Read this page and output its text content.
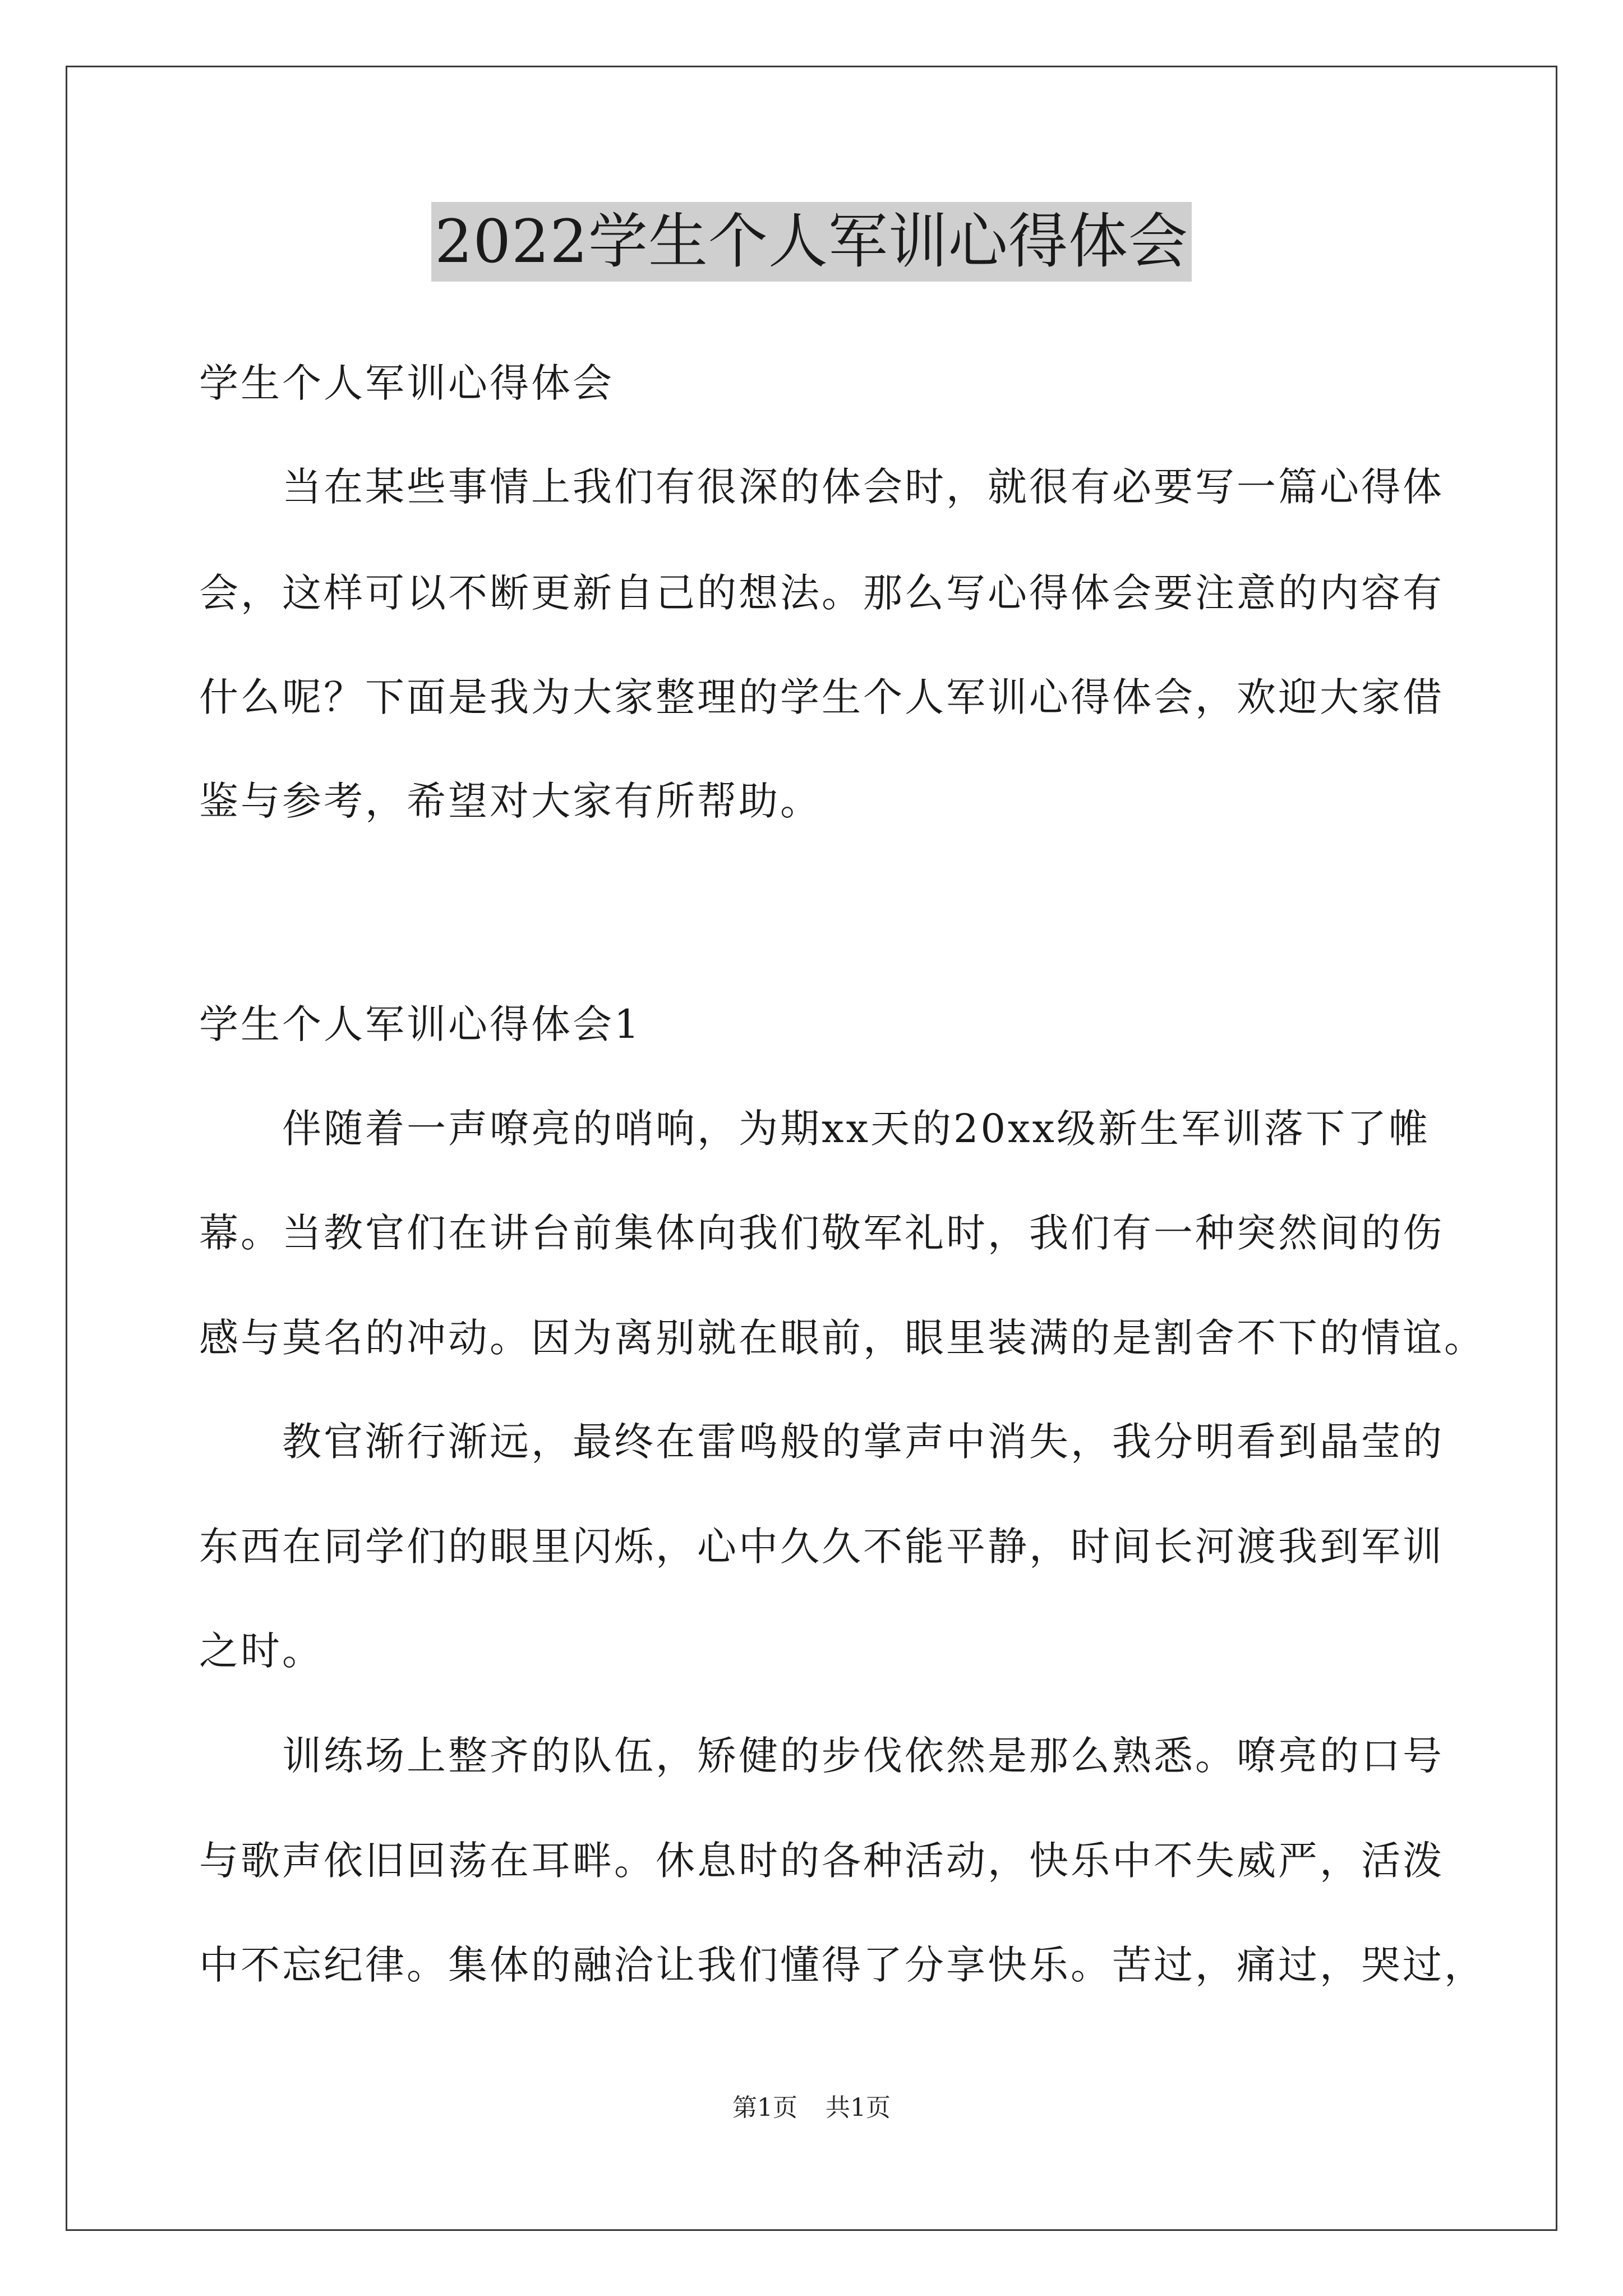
2022学生个人军训心得体会
学生个人军训心得体会
当在某些事情上我们有很深的体会时，就很有必要写一篇心得体
会，这样可以不断更新自己的想法。那么写心得体会要注意的内容有
什么呢？下面是我为大家整理的学生个人军训心得体会，欢迎大家借
鉴与参考，希望对大家有所帮助。
学生个人军训心得体会1
伴随着一声嘹亮的哨响，为期xx天的20xx级新生军训落下了帷
幕。当教官们在讲台前集体向我们敬军礼时，我们有一种突然间的伤
感与莫名的冲动。因为离别就在眼前，眼里装满的是割舍不下的情谊。
教官渐行渐远，最终在雷鸣般的掌声中消失，我分明看到晶莹的
东西在同学们的眼里闪烁，心中久久不能平静，时间长河渡我到军训
之时。
训练场上整齐的队伍，矫健的步伐依然是那么熟悉。嘹亮的口号
与歌声依旧回荡在耳畔。休息时的各种活动，快乐中不失威严，活泼
中不忘纪律。集体的融洽让我们懂得了分享快乐。苦过，痛过，哭过，
第1页 共1页
